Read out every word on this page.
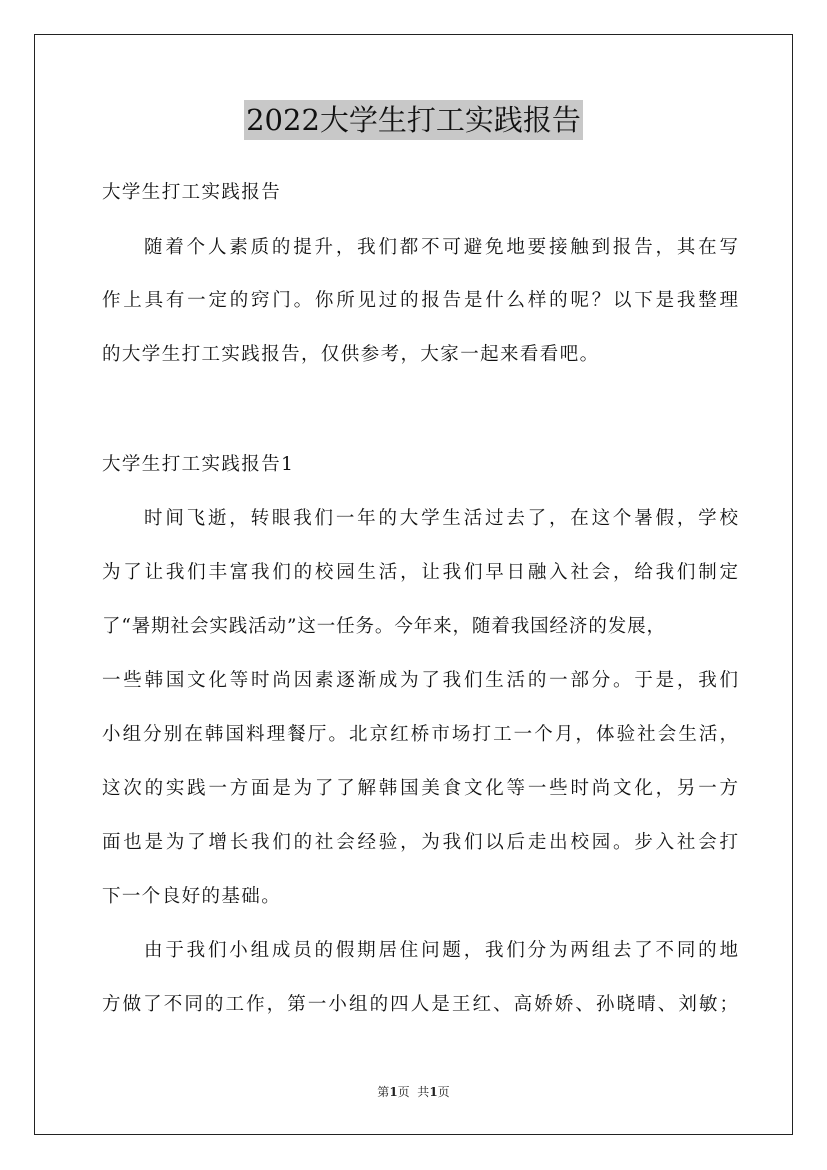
2022大学生打工实践报告
大学生打工实践报告
随着个人素质的提升，我们都不可避免地要接触到报告，其在写
作上具有一定的窍门。你所见过的报告是什么样的呢？以下是我整理
的大学生打工实践报告，仅供参考，大家一起来看看吧。
大学生打工实践报告1
时间飞逝，转眼我们一年的大学生活过去了，在这个暑假，学校
为了让我们丰富我们的校园生活，让我们早日融入社会，给我们制定
了“暑期社会实践活动”这一任务。今年来，随着我国经济的发展，
一些韩国文化等时尚因素逐渐成为了我们生活的一部分。于是，我们
小组分别在韩国料理餐厅。北京红桥市场打工一个月，体验社会生活，
这次的实践一方面是为了了解韩国美食文化等一些时尚文化，另一方
面也是为了增长我们的社会经验，为我们以后走出校园。步入社会打
下一个良好的基础。
由于我们小组成员的假期居住问题，我们分为两组去了不同的地
方做了不同的工作，第一小组的四人是王红、高娇娇、孙晓晴、刘敏；
第1页  共1页
